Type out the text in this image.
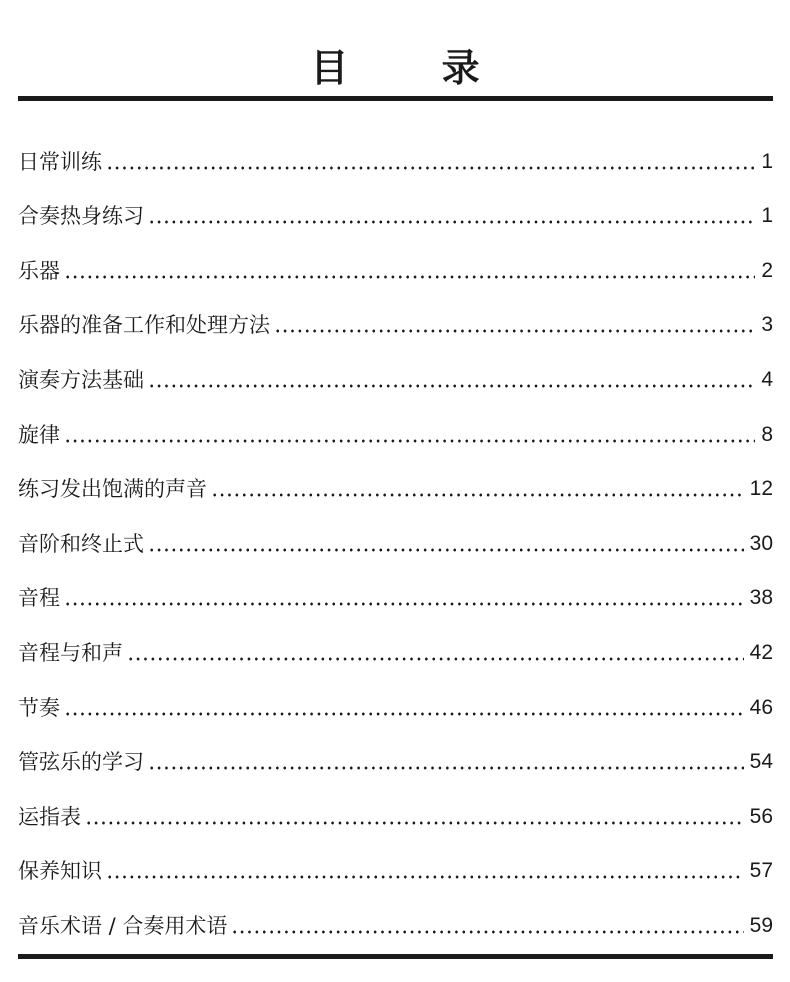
目 录
日常训练	1
合奏热身练习	1
乐器	2
乐器的准备工作和处理方法	3
演奏方法基础	4
旋律	8
练习发出饱满的声音	12
音阶和终止式	30
音程	38
音程与和声	42
节奏	46
管弦乐的学习	54
运指表	56
保养知识	57
音乐术语 / 合奏用术语	59
